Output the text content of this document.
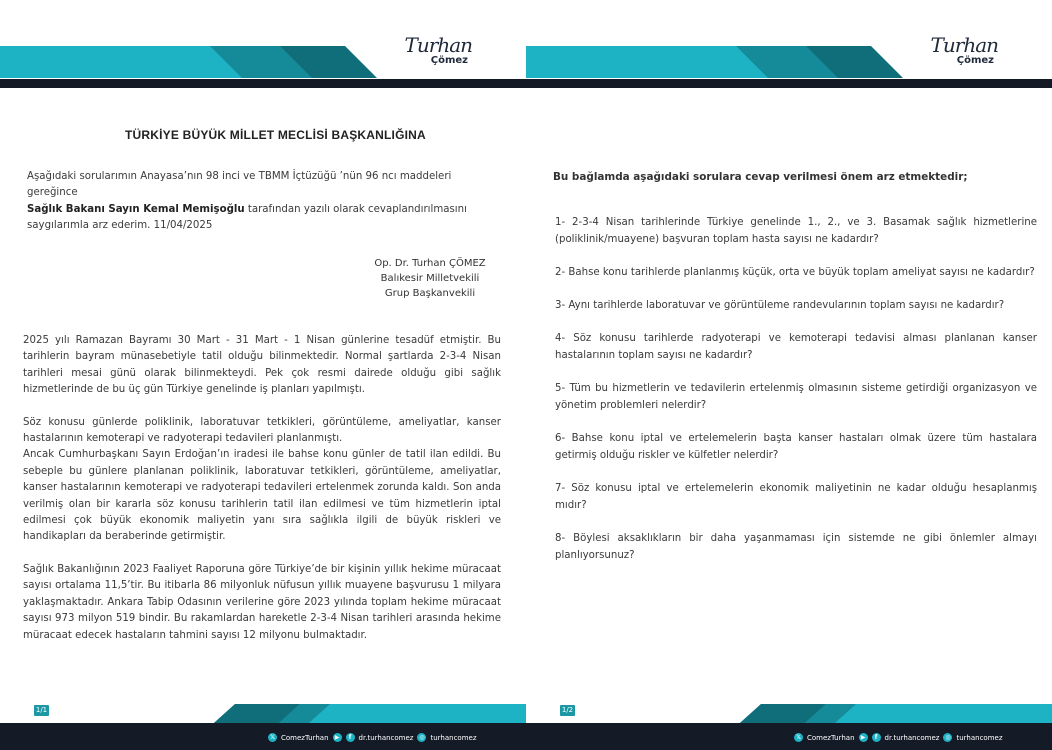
Turhan
Çömez
TÜRKİYE BÜYÜK MİLLET MECLİSİ BAŞKANLIĞINA
Aşağıdaki sorularımın Anayasa’nın 98 inci ve TBMM İçtüzüğü ’nün 96 ncı maddeleri gereğince
Sağlık Bakanı Sayın Kemal Memişoğlu tarafından yazılı olarak cevaplandırılmasını saygılarımla arz ederim. 11/04/2025
Op. Dr. Turhan ÇÖMEZ
Balıkesir Milletvekili
Grup Başkanvekili

2025 yılı Ramazan Bayramı 30 Mart - 31 Mart - 1 Nisan günlerine tesadüf etmiştir. Bu tarihlerin bayram münasebetiyle tatil olduğu bilinmektedir. Normal şartlarda 2-3-4 Nisan tarihleri mesai günü olarak bilinmekteydi. Pek çok resmi dairede olduğu gibi sağlık hizmetlerinde de bu üç gün Türkiye genelinde iş planları yapılmıştı.

Söz konusu günlerde poliklinik, laboratuvar tetkikleri, görüntüleme, ameliyatlar, kanser hastalarının kemoterapi ve radyoterapi tedavileri planlanmıştı.

Ancak Cumhurbaşkanı Sayın Erdoğan’ın iradesi ile bahse konu günler de tatil ilan edildi. Bu sebeple bu günlere planlanan poliklinik, laboratuvar tetkikleri, görüntüleme, ameliyatlar, kanser hastalarının kemoterapi ve radyoterapi tedavileri ertelenmek zorunda kaldı. Son anda verilmiş olan bir kararla söz konusu tarihlerin tatil ilan edilmesi ve tüm hizmetlerin iptal edilmesi çok büyük ekonomik maliyetin yanı sıra sağlıkla ilgili de büyük riskleri ve handikapları da beraberinde getirmiştir.

Sağlık Bakanlığının 2023 Faaliyet Raporuna göre Türkiye’de bir kişinin yıllık hekime müracaat sayısı ortalama 11,5’tir. Bu itibarla 86 milyonluk nüfusun yıllık muayene başvurusu 1 milyara yaklaşmaktadır. Ankara Tabip Odasının verilerine göre 2023 yılında toplam hekime müracaat sayısı 973 milyon 519 bindir. Bu rakamlardan hareketle 2-3-4 Nisan tarihleri arasında hekime müracaat edecek hastaların tahmini sayısı 12 milyonu bulmaktadır.

1/1
𝕏 ComezTurhan	▶	f	dr.turhancomez ◎ turhancomez
Turhan
Çömez
1/2
𝕏 ComezTurhan	▶	f	dr.turhancomez ◎ turhancomez
Bu bağlamda aşağıdaki sorulara cevap verilmesi önem arz etmektedir;
1- 2-3-4 Nisan tarihlerinde Türkiye genelinde 1., 2., ve 3. Basamak sağlık hizmetlerine (poliklinik/muayene) başvuran toplam hasta sayısı ne kadardır?
2- Bahse konu tarihlerde planlanmış küçük, orta ve büyük toplam ameliyat sayısı ne kadardır?
3- Aynı tarihlerde laboratuvar ve görüntüleme randevularının toplam sayısı ne kadardır?
4- Söz konusu tarihlerde radyoterapi ve kemoterapi tedavisi alması planlanan kanser hastalarının toplam sayısı ne kadardır?
5- Tüm bu hizmetlerin ve tedavilerin ertelenmiş olmasının sisteme getirdiği organizasyon ve yönetim problemleri nelerdir?
6- Bahse konu iptal ve ertelemelerin başta kanser hastaları olmak üzere tüm hastalara getirmiş olduğu riskler ve külfetler nelerdir?
7- Söz konusu iptal ve ertelemelerin ekonomik maliyetinin ne kadar olduğu hesaplanmış mıdır?
8- Böylesi aksaklıkların bir daha yaşanmaması için sistemde ne gibi önlemler almayı planlıyorsunuz?
